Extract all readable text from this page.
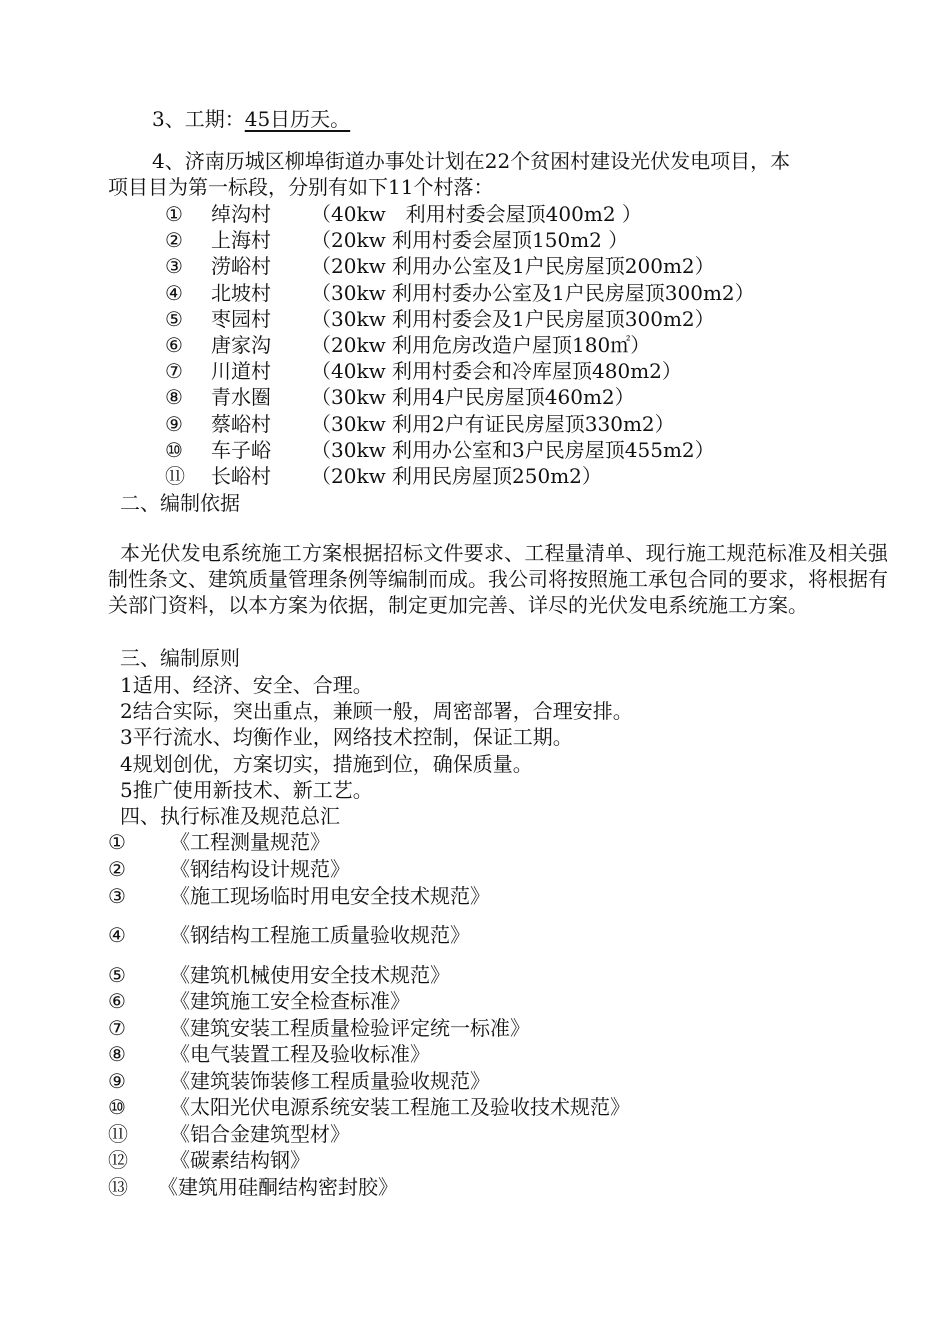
3、工期：45日历天。
4、济南历城区柳埠街道办事处计划在22个贫困村建设光伏发电项目，本
项目目为第一标段，分别有如下11个村落：
① 绰沟村 （40kw　利用村委会屋顶400m2 ）
② 上海村 （20kw 利用村委会屋顶150m2 ）
③ 涝峪村 （20kw 利用办公室及1户民房屋顶200m2）
④ 北坡村 （30kw 利用村委办公室及1户民房屋顶300m2）
⑤ 枣园村 （30kw 利用村委会及1户民房屋顶300m2）
⑥ 唐家沟 （20kw 利用危房改造户屋顶180㎡）
⑦ 川道村 （40kw 利用村委会和冷库屋顶480m2）
⑧ 青水圈 （30kw 利用4户民房屋顶460m2）
⑨ 蔡峪村 （30kw 利用2户有证民房屋顶330m2）
⑩ 车子峪 （30kw 利用办公室和3户民房屋顶455m2）
⑪ 长峪村 （20kw 利用民房屋顶250m2）
二、编制依据
本光伏发电系统施工方案根据招标文件要求、工程量清单、现行施工规范标准及相关强制性条文、建筑质量管理条例等编制而成。我公司将按照施工承包合同的要求，将根据有关部门资料，以本方案为依据，制定更加完善、详尽的光伏发电系统施工方案。
三、编制原则
1适用、经济、安全、合理。
2结合实际，突出重点，兼顾一般，周密部署，合理安排。
3平行流水、均衡作业，网络技术控制，保证工期。
4规划创优，方案切实，措施到位，确保质量。
5推广使用新技术、新工艺。
四、执行标准及规范总汇
① 《工程测量规范》
② 《钢结构设计规范》
③ 《施工现场临时用电安全技术规范》
④ 《钢结构工程施工质量验收规范》
⑤ 《建筑机械使用安全技术规范》
⑥ 《建筑施工安全检查标准》
⑦ 《建筑安装工程质量检验评定统一标准》
⑧ 《电气装置工程及验收标准》
⑨ 《建筑装饰装修工程质量验收规范》
⑩ 《太阳光伏电源系统安装工程施工及验收技术规范》
⑪ 《铝合金建筑型材》
⑫ 《碳素结构钢》
⑬ 《建筑用硅酮结构密封胶》
